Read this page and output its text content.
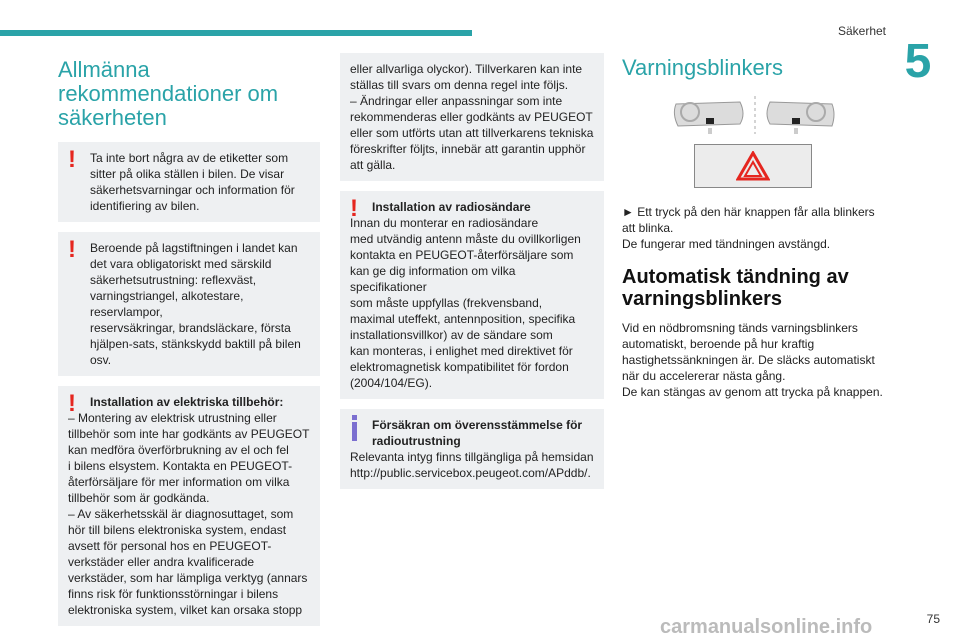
Säkerhet
5
Allmänna
rekommendationer om
säkerheten
!	Ta inte bort några av de etiketter som
sitter på olika ställen i bilen. De visar
säkerhetsvarningar och information för
identifiering av bilen.

!	Beroende på lagstiftningen i landet kan
det vara obligatoriskt med särskild
säkerhetsutrustning: reflexväst,
varningstriangel, alkotestare, reservlampor,
reservsäkringar, brandsläckare, första
hjälpen-sats, stänkskydd baktill på bilen osv.

!	Installation av elektriska tillbehör:

– Montering av elektrisk utrustning eller
tillbehör som inte har godkänts av PEUGEOT
kan medföra överförbrukning av el och fel
i bilens elsystem. Kontakta en PEUGEOT-
återförsäljare för mer information om vilka
tillbehör som är godkända.
– Av säkerhetsskäl är diagnosuttaget, som
hör till bilens elektroniska system, endast
avsett för personal hos en PEUGEOT-
verkstäder eller andra kvalificerade
verkstäder, som har lämpliga verktyg (annars
finns risk för funktionsstörningar i bilens
elektroniska system, vilket kan orsaka stopp

eller allvarliga olyckor). Tillverkaren kan inte
ställas till svars om denna regel inte följs.
– Ändringar eller anpassningar som inte
rekommenderas eller godkänts av PEUGEOT
eller som utförts utan att tillverkarens tekniska
föreskrifter följts, innebär att garantin upphör
att gälla.

!	Installation av radiosändare

Innan du monterar en radiosändare
med utvändig antenn måste du ovillkorligen
kontakta en PEUGEOT-återförsäljare som
kan ge dig information om vilka specifikationer
som måste uppfyllas (frekvensband,
maximal uteffekt, antennposition, specifika
installationsvillkor) av de sändare som
kan monteras, i enlighet med direktivet för
elektromagnetisk kompatibilitet för fordon
(2004/104/EG).

Försäkran om överensstämmelse för
radioutrustning

Relevanta intyg finns tillgängliga på hemsidan
http://public.servicebox.peugeot.com/APddb/.

Varningsblinkers

► Ett tryck på den här knappen får alla blinkers
att blinka.
De fungerar med tändningen avstängd.

Automatisk tändning av
varningsblinkers

Vid en nödbromsning tänds varningsblinkers
automatiskt, beroende på hur kraftig
hastighetssänkningen är. De släcks automatiskt
när du accelererar nästa gång.
De kan stängas av genom att trycka på knappen.

carmanualsonline.info	75
